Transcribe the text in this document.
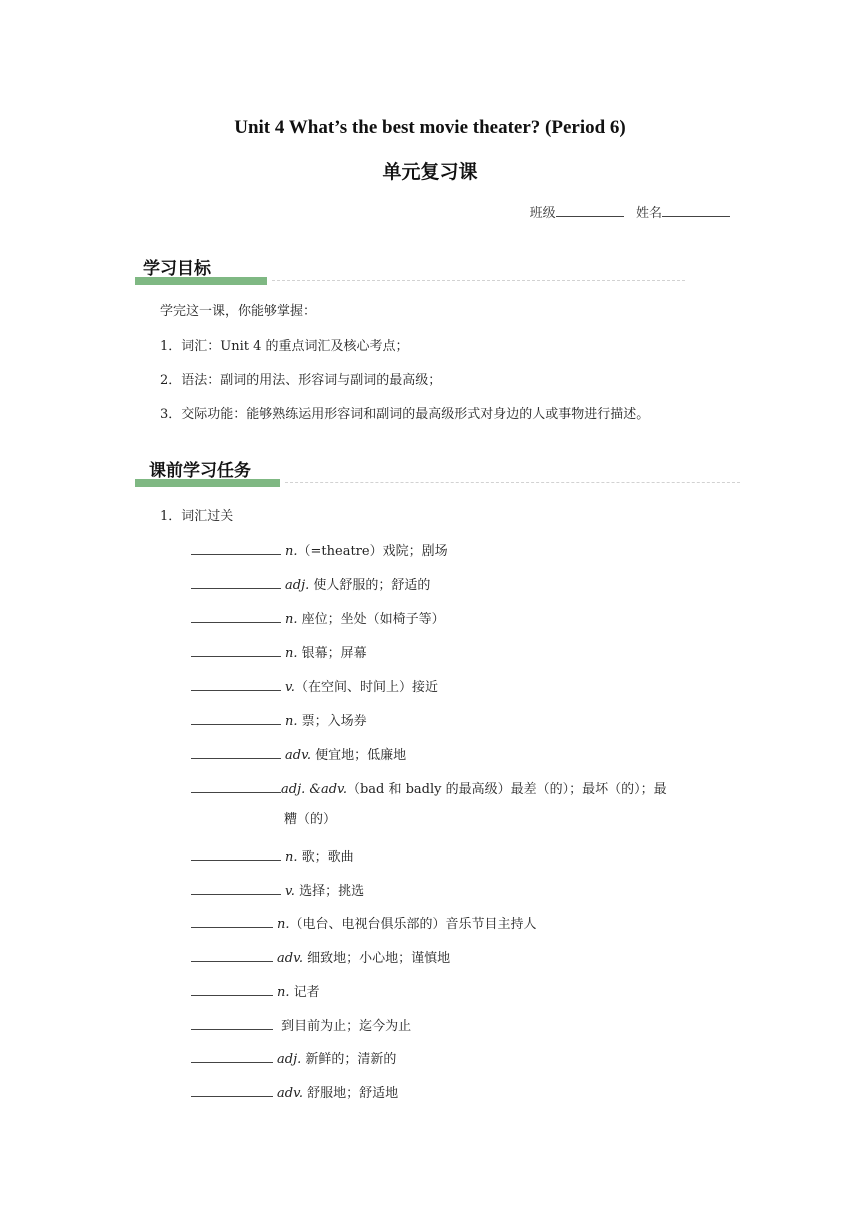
Unit 4 What’s the best movie theater? (Period 6)
单元复习课
班级	姓名
学习目标
学完这一课，你能够掌握：
1．词汇：Unit 4 的重点词汇及核心考点；
2．语法：副词的用法、形容词与副词的最高级；
3．交际功能：能够熟练运用形容词和副词的最高级形式对身边的人或事物进行描述。
课前学习任务
1．词汇过关
n.（=theatre）戏院；剧场
adj. 使人舒服的；舒适的
n. 座位；坐处（如椅子等）
n. 银幕；屏幕
v.（在空间、时间上）接近
n. 票；入场券
adv. 便宜地；低廉地
adj. &adv.（bad 和 badly 的最高级）最差（的）；最坏（的）；最
糟（的）
n. 歌；歌曲
v. 选择；挑选
n.（电台、电视台俱乐部的）音乐节目主持人
adv. 细致地；小心地；谨慎地
n. 记者
到目前为止；迄今为止
adj. 新鲜的；清新的
adv. 舒服地；舒适地
